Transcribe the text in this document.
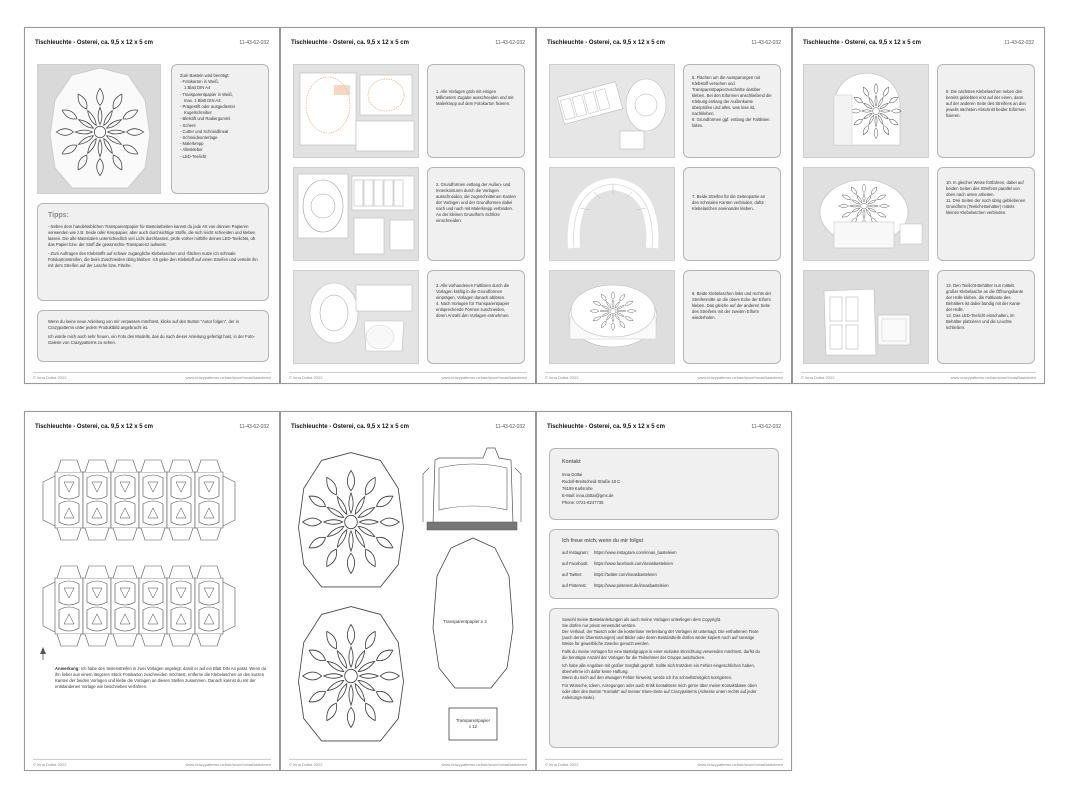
Tischleuchte - Osterei, ca. 9,5 x 12 x 5 cm	11-43-62-032
Zum Basteln wird benötigt:
- Fotokarton in Weiß,
1 Blatt DIN A4
- Transparentpapier in Weiß,
max. 1 Blatt DIN A4
- Prägestift oder ausgedienter
Kugelschreiber
- Bleistift und Radiergummi
- Schere
- Cutter und Schneidlineal
- Schneideunterlage
- Malerkrepp
- Alleskleber
- LED-Teelicht
Tipps:

- Neben dem handelsüblichen Transparentpapier für Bastelarbeiten kannst du jede Art von dünnen Papieren verwenden wie z.B. Seide oder Kreppapier, aber auch durchsichtige Stoffe, die sich leicht schneiden und kleben lassen. Die alle Materialien unterschiedlich viel Licht durchlassen, prüfe vorher mithilfe deines LED-Teelichts, ob das Papier bzw. der Stoff die gewünschte Transparenz aufweist.

- Zum Auftragen des Klebstoffs auf schwer zugängliche Klebelaschen und -flächen nutze ich schmale Fotokartonstreifen, die beim Zuschneiden übrig bleiben: Ich gebe den Klebstoff auf einen Streifen und verteile ihn mit dem Streifen auf der Lasche bzw. Fläche.

Wenn du keine neue Anleitung von mir verpassen möchtest, klicke auf den Button "Autor folgen", der in Crazypatterns unter jedem Produktbild angebracht ist.

Ich würde mich auch sehr freuen, ein Foto des Modells, das du nach dieser Anleitung gefertigt hast, in der Foto-Galerie von Crazypatterns zu sehen.

© Inna Dottai 2022	www.crazypatterns.net/de/store/InnasBasteleien
Tischleuchte - Osterei, ca. 9,5 x 12 x 5 cm	11-43-62-032

1. Alle Vorlagen grob mit einigen Millimetern Zugabe ausschneiden und mit Malerkrepp auf dem Fotokarton fixieren.

2. Grundformen entlang der Außen- und Innenkonturen durch die Vorlagen ausschneiden, die zugeschnittenen Kanten der Vorlagen und der Grundformen dabei nach und nach mit Malerkrepp verbinden. An der kleinen Grundform Schlitze einschneiden.

3. Alle vorhandenen Faltlinien durch die Vorlagen kräftig in die Grundformen einprägen, Vorlagen danach ablösen.
4. Nach Vorlagen für Transparentpapier entsprechende Formen zuschneiden, deren Anzahl den Vorlagen entnehmen.

© Inna Dottai 2022	www.crazypatterns.net/de/store/InnasBasteleien
Tischleuchte - Osterei, ca. 9,5 x 12 x 5 cm	11-43-62-032

5. Flächen um die Aussparungen mit Klebstoff versehen und Transparentpapierzuschnitte darüber kleben. Bei den Eiformen anschließend die Klebung entlang der Außenkante überprüfen und alles, was lose ist, nachkleben.
6. Grundformen ggf. entlang der Faltlinien falten.

7. Beide Streifen für die Seitenpartie an den schmalen Kanten verbinden, dafür Klebelaschen aneinander kleben.

8. Beide Klebelaschen links und rechts der Streifenmitte an die obere Ecke der Eiform kleben. Das gleiche auf der anderen Seite des Streifens mit der zweiten Eiform wiederholen.

© Inna Dottai 2022	www.crazypatterns.net/de/store/InnasBasteleien
Tischleuchte - Osterei, ca. 9,5 x 12 x 5 cm	11-43-62-032

9. Die nächsten Klebelaschen neben den bereits geklebten erst auf der einen, dann auf der anderen Seite des Streifens an den jeweils nächsten Abschnitt beider Eiformen fixieren.

10. In gleicher Weise fortfahren, dabei auf beiden Seiten des Streifens parallel von oben nach unten arbeiten.
11. Drei Seiten der noch übrig gebliebenen Grundform (Teelicht-Behälter) mittels kleinen Klebelaschen verbinden.

12. Den Teelicht-Behälter nun mittels großer Klebelasche an die Öffnungskante der Hülle kleben, die Faltkante des Behälters ist dabei bündig mit der Kante der Hülle.
13. Das LED-Teelicht einschalten, im Behälter platzieren und die Leuchte schließen.

© Inna Dottai 2022	www.crazypatterns.net/de/store/InnasBasteleien
Tischleuchte - Osterei, ca. 9,5 x 12 x 5 cm	11-43-62-032

Anmerkung: Ich habe den Seitenstreifen in zwei Vorlagen angelegt, damit er auf ein Blatt DIN A4 passt. Wenn du ihn lieber aus einem längeren Stück Fotokarton zuschneiden möchtest, entferne die Klebelaschen an den kurzen Kanten der beiden Vorlagen und klebe die Vorlagen an diesen Stellen zusammen. Danach kannst du mit der entstandenen Vorlage wie beschrieben verfahren.

© Inna Dottai 2022	www.crazypatterns.net/de/store/InnasBasteleien
Tischleuchte - Osterei, ca. 9,5 x 12 x 5 cm	11-43-62-032
Transparentpapier x 2
Transparentpapier
x 12
© Inna Dottai 2022	www.crazypatterns.net/de/store/InnasBasteleien
Tischleuchte - Osterei, ca. 9,5 x 12 x 5 cm	11-43-62-032
Kontakt
Inna Dottai
Rudolf-Breitscheid-Straße 18 C
76199 Karlsruhe
E-Mail: inna.dottai@gmx.de
Phone: 0721-8247735
Ich freue mich, wenn du mir folgst
auf Instagram:	https://www.instagram.com/innas_basteleien
auf Facebook:	https://www.facebook.com/innasbasteleien
auf Twitter:	https://twitter.com/innasbasteleien
auf Pinterest:	https://www.pinterest.de/innasbasteleien

Sowohl meine Bastelanleitungen als auch meine Vorlagen unterliegen dem Copyright.

Sie dürfen nur privat verwendet werden.

Der Verkauf, der Tausch oder die kostenlose Verbreitung der Vorlagen ist untersagt. Die enthaltenen Texte (auch deren Übersetzungen) und Bilder oder deren Bestandteile dürfen weder kopiert noch auf sonstige Weise für gewerbliche Zwecke genutzt werden.

Falls du meine Vorlagen für eine Bastelgruppe in einer sozialen Einrichtung verwenden möchtest, darfst du die benötigte Anzahl der Vorlagen für die Teilnehmer der Gruppe ausdrucken.

Ich habe alle Angaben mit großer Sorgfalt geprüft. Sollte sich trotzdem ein Fehler eingeschlichen haben, übernehme ich dafür keine Haftung.

Wenn du mich auf den etwaigen Fehler hinweist, werde ich ihn schnellstmöglich korrigieren.

Für Wünsche, Ideen, Anregungen oder auch Kritik kontaktiere mich gerne über meine Kontaktdaten oben oder über den Button "Kontakt" auf meiner Store-Seite auf Crazypatterns (Adresse unten rechts auf jeder Anleitungs-Seite).

© Inna Dottai 2022	www.crazypatterns.net/de/store/InnasBasteleien
